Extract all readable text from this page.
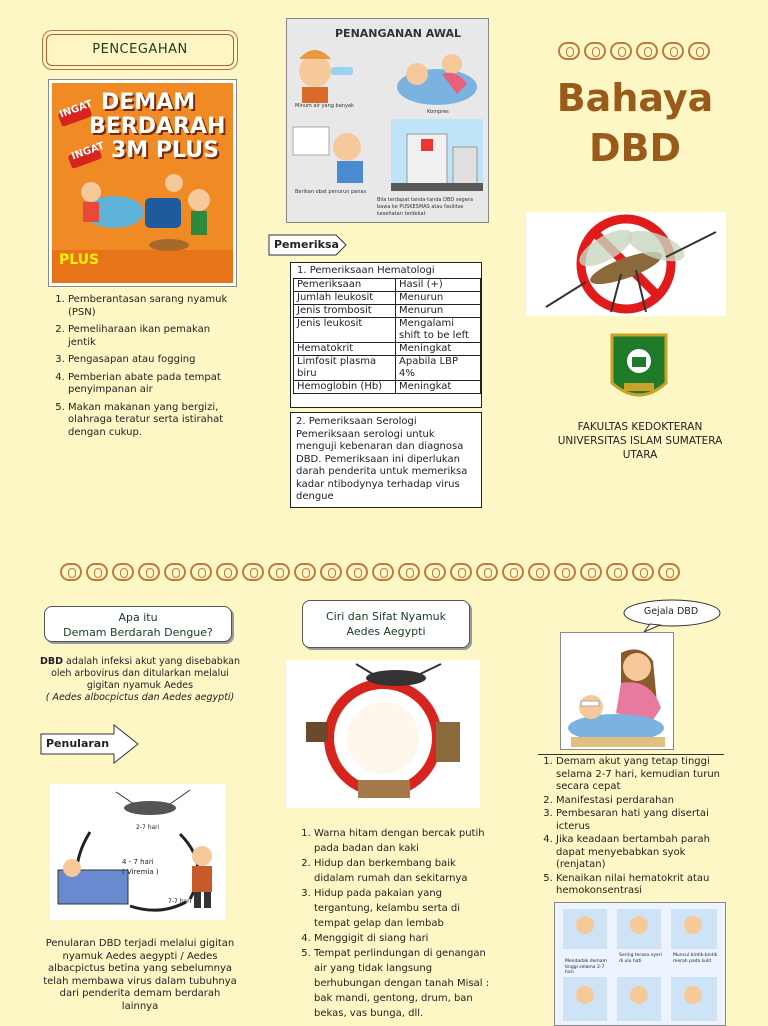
PENCEGAHAN
INGAT DEMAM
BERDARAH
INGAT 3M PLUS
PLUS
1. Pemberantasan sarang nyamuk (PSN)
2. Pemeliharaan ikan pemakan jentik
3. Pengasapan atau fogging
4. Pemberian abate pada tempat penyimpanan air
5. Makan makanan yang bergizi, olahraga teratur serta istirahat dengan cukup.
PENANGANAN AWAL
Minum air yang banyak
Kompres
Berikan obat penurun panas
Bila terdapat tanda-tanda DBD segera bawa ke PUSKESMAS atau fasilitas kesehatan terdekat
Pemeriksa
1. Pemeriksaan Hematologi
Pemeriksaan	Hasil (+)
Jumlah leukosit	Menurun
Jenis trombosit	Menurun
Jenis leukosit	Mengalami shift to be left
Hematokrit	Meningkat
Limfosit plasma biru	Apabila LBP 4%
Hemoglobin (Hb)	Meningkat
2. Pemeriksaan Serologi
Pemeriksaan serologi untuk menguji kebenaran dan diagnosa DBD. Pemeriksaan ini diperlukan darah penderita untuk memeriksa kadar ntibodynya terhadap virus dengue
Bahaya
DBD
FAKULTAS KEDOKTERAN
UNIVERSITAS ISLAM SUMATERA
UTARA
Apa itu
Demam Berdarah Dengue?
DBD adalah infeksi akut yang disebabkan oleh arbovirus dan ditularkan melalui gigitan nyamuk Aedes
( Aedes albocpictus dan Aedes aegypti)
Penularan
2-7 hari
4 - 7 hari
( Viremia )
7-7 hari
Penularan DBD terjadi melalui gigitan nyamuk Aedes aegypti / Aedes albacpictus betina yang sebelumnya telah membawa virus dalam tubuhnya dari penderita demam berdarah lainnya
Ciri dan Sifat Nyamuk
Aedes Aegypti
1. Warna hitam dengan bercak putih pada badan dan kaki
2. Hidup dan berkembang baik didalam rumah dan sekitarnya
3. Hidup pada pakaian yang tergantung, kelambu serta di tempat gelap dan lembab
4. Menggigit di siang hari
5. Tempat perlindungan di genangan air yang tidak langsung berhubungan dengan tanah Misal : bak mandi, gentong, drum, ban bekas, vas bunga, dll.
Gejala DBD
1. Demam akut yang tetap tinggi selama 2-7 hari, kemudian turun secara cepat
2. Manifestasi perdarahan
3. Pembesaran hati yang disertai icterus
4. Jika keadaan bertambah parah dapat menyebabkan syok (renjatan)
5. Kenaikan nilai hematokrit atau hemokonsentrasi
Sering terasa nyeri di ulu hati
Mendadak demam tinggi selama 2-7 hari
Muncul bintik-bintik merah pada kulit
